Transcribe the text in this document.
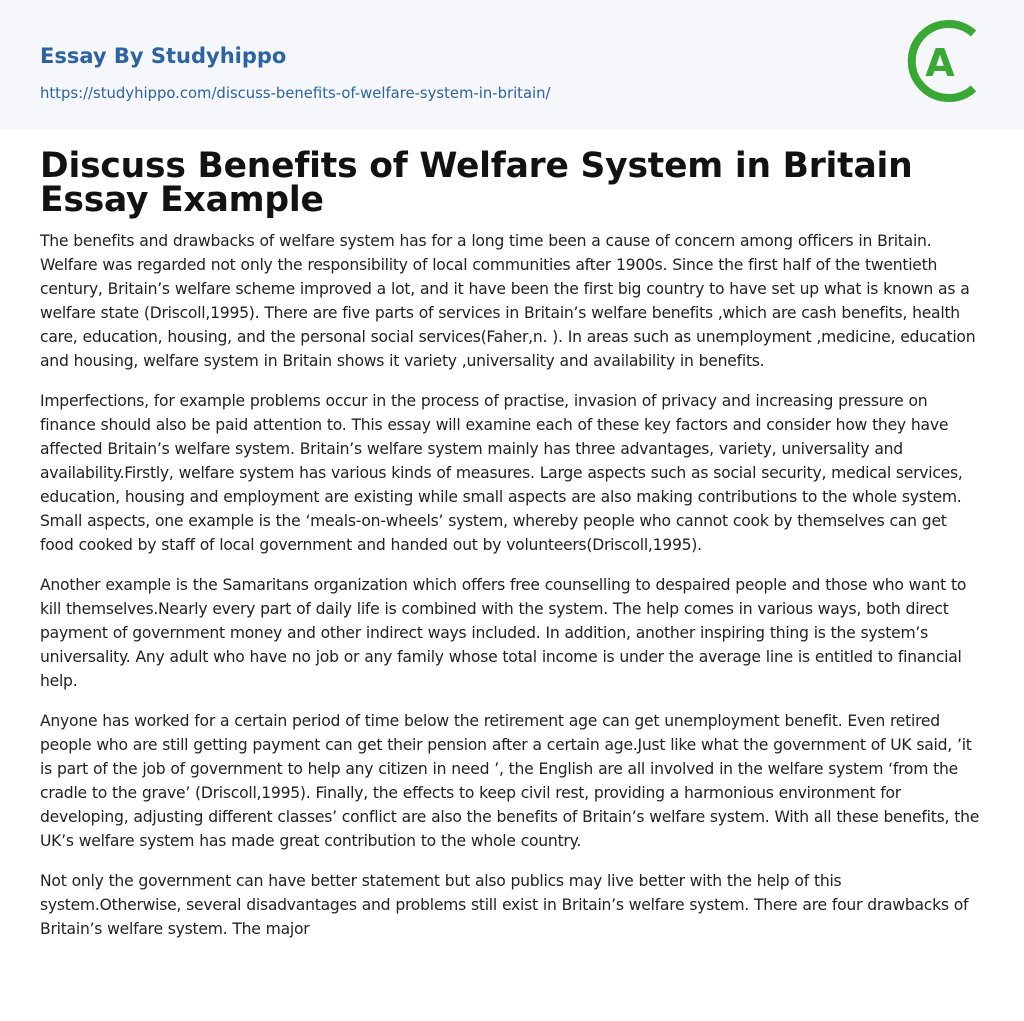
Essay By Studyhippo
https://studyhippo.com/discuss-benefits-of-welfare-system-in-britain/
A
Discuss Benefits of Welfare System in Britain Essay Example

The benefits and drawbacks of welfare system has for a long time been a cause of concern among officers in Britain. Welfare was regarded not only the responsibility of local communities after 1900s. Since the first half of the twentieth century, Britain’s welfare scheme improved a lot, and it have been the first big country to have set up what is known as a welfare state (Driscoll,1995). There are five parts of services in Britain’s welfare benefits ,which are cash benefits, health care, education, housing, and the personal social services(Faher,n. ). In areas such as unemployment ,medicine, education and housing, welfare system in Britain shows it variety ,universality and availability in benefits.

Imperfections, for example problems occur in the process of practise, invasion of privacy and increasing pressure on finance should also be paid attention to. This essay will examine each of these key factors and consider how they have affected Britain’s welfare system. Britain’s welfare system mainly has three advantages, variety, universality and availability.Firstly, welfare system has various kinds of measures. Large aspects such as social security, medical services, education, housing and employment are existing while small aspects are also making contributions to the whole system. Small aspects, one example is the ‘meals-on-wheels’ system, whereby people who cannot cook by themselves can get food cooked by staff of local government and handed out by volunteers(Driscoll,1995).

Another example is the Samaritans organization which offers free counselling to despaired people and those who want to kill themselves.Nearly every part of daily life is combined with the system. The help comes in various ways, both direct payment of government money and other indirect ways included. In addition, another inspiring thing is the system’s universality. Any adult who have no job or any family whose total income is under the average line is entitled to financial help.

Anyone has worked for a certain period of time below the retirement age can get unemployment benefit. Even retired people who are still getting payment can get their pension after a certain age.Just like what the government of UK said, ’it is part of the job of government to help any citizen in need ’, the English are all involved in the welfare system ‘from the cradle to the grave’ (Driscoll,1995). Finally, the effects to keep civil rest, providing a harmonious environment for developing, adjusting different classes’ conflict are also the benefits of Britain’s welfare system. With all these benefits, the UK’s welfare system has made great contribution to the whole country.

Not only the government can have better statement but also publics may live better with the help of this system.Otherwise, several disadvantages and problems still exist in Britain’s welfare system. There are four drawbacks of Britain’s welfare system. The major
